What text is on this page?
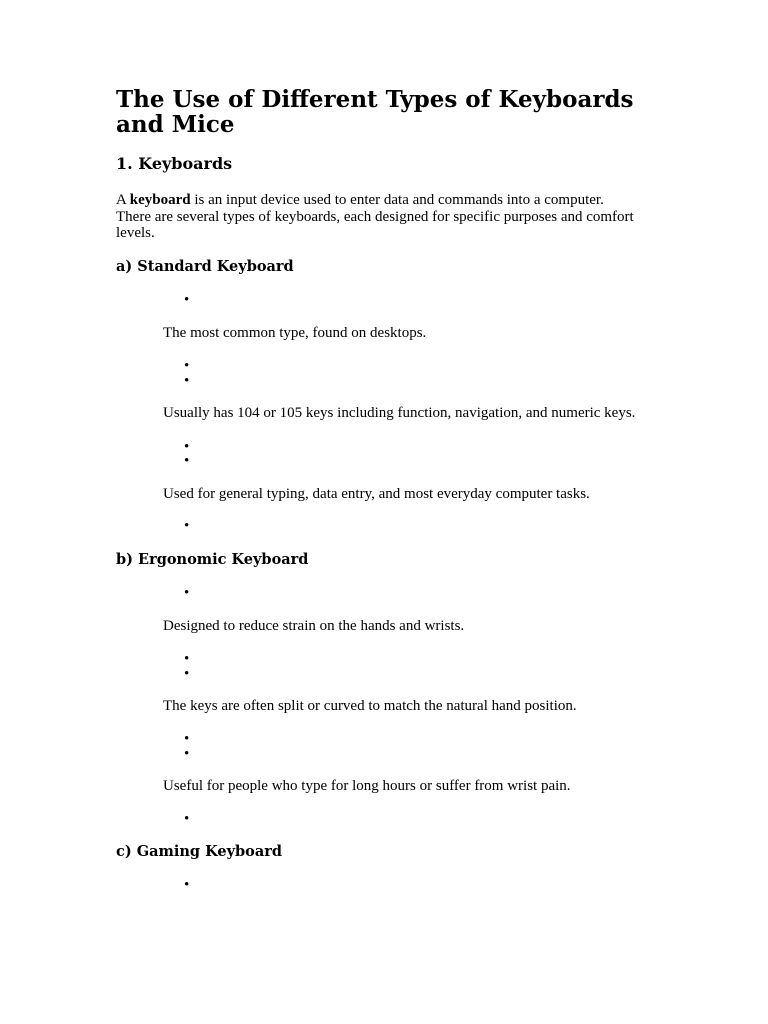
The Use of Different Types of Keyboards
and Mice
1. Keyboards
A keyboard is an input device used to enter data and commands into a computer.
There are several types of keyboards, each designed for specific purposes and comfort
levels.
a) Standard Keyboard
•
The most common type, found on desktops.
•
•
Usually has 104 or 105 keys including function, navigation, and numeric keys.
•
•
Used for general typing, data entry, and most everyday computer tasks.
•
b) Ergonomic Keyboard
•
Designed to reduce strain on the hands and wrists.
•
•
The keys are often split or curved to match the natural hand position.
•
•
Useful for people who type for long hours or suffer from wrist pain.
•
c) Gaming Keyboard
•
